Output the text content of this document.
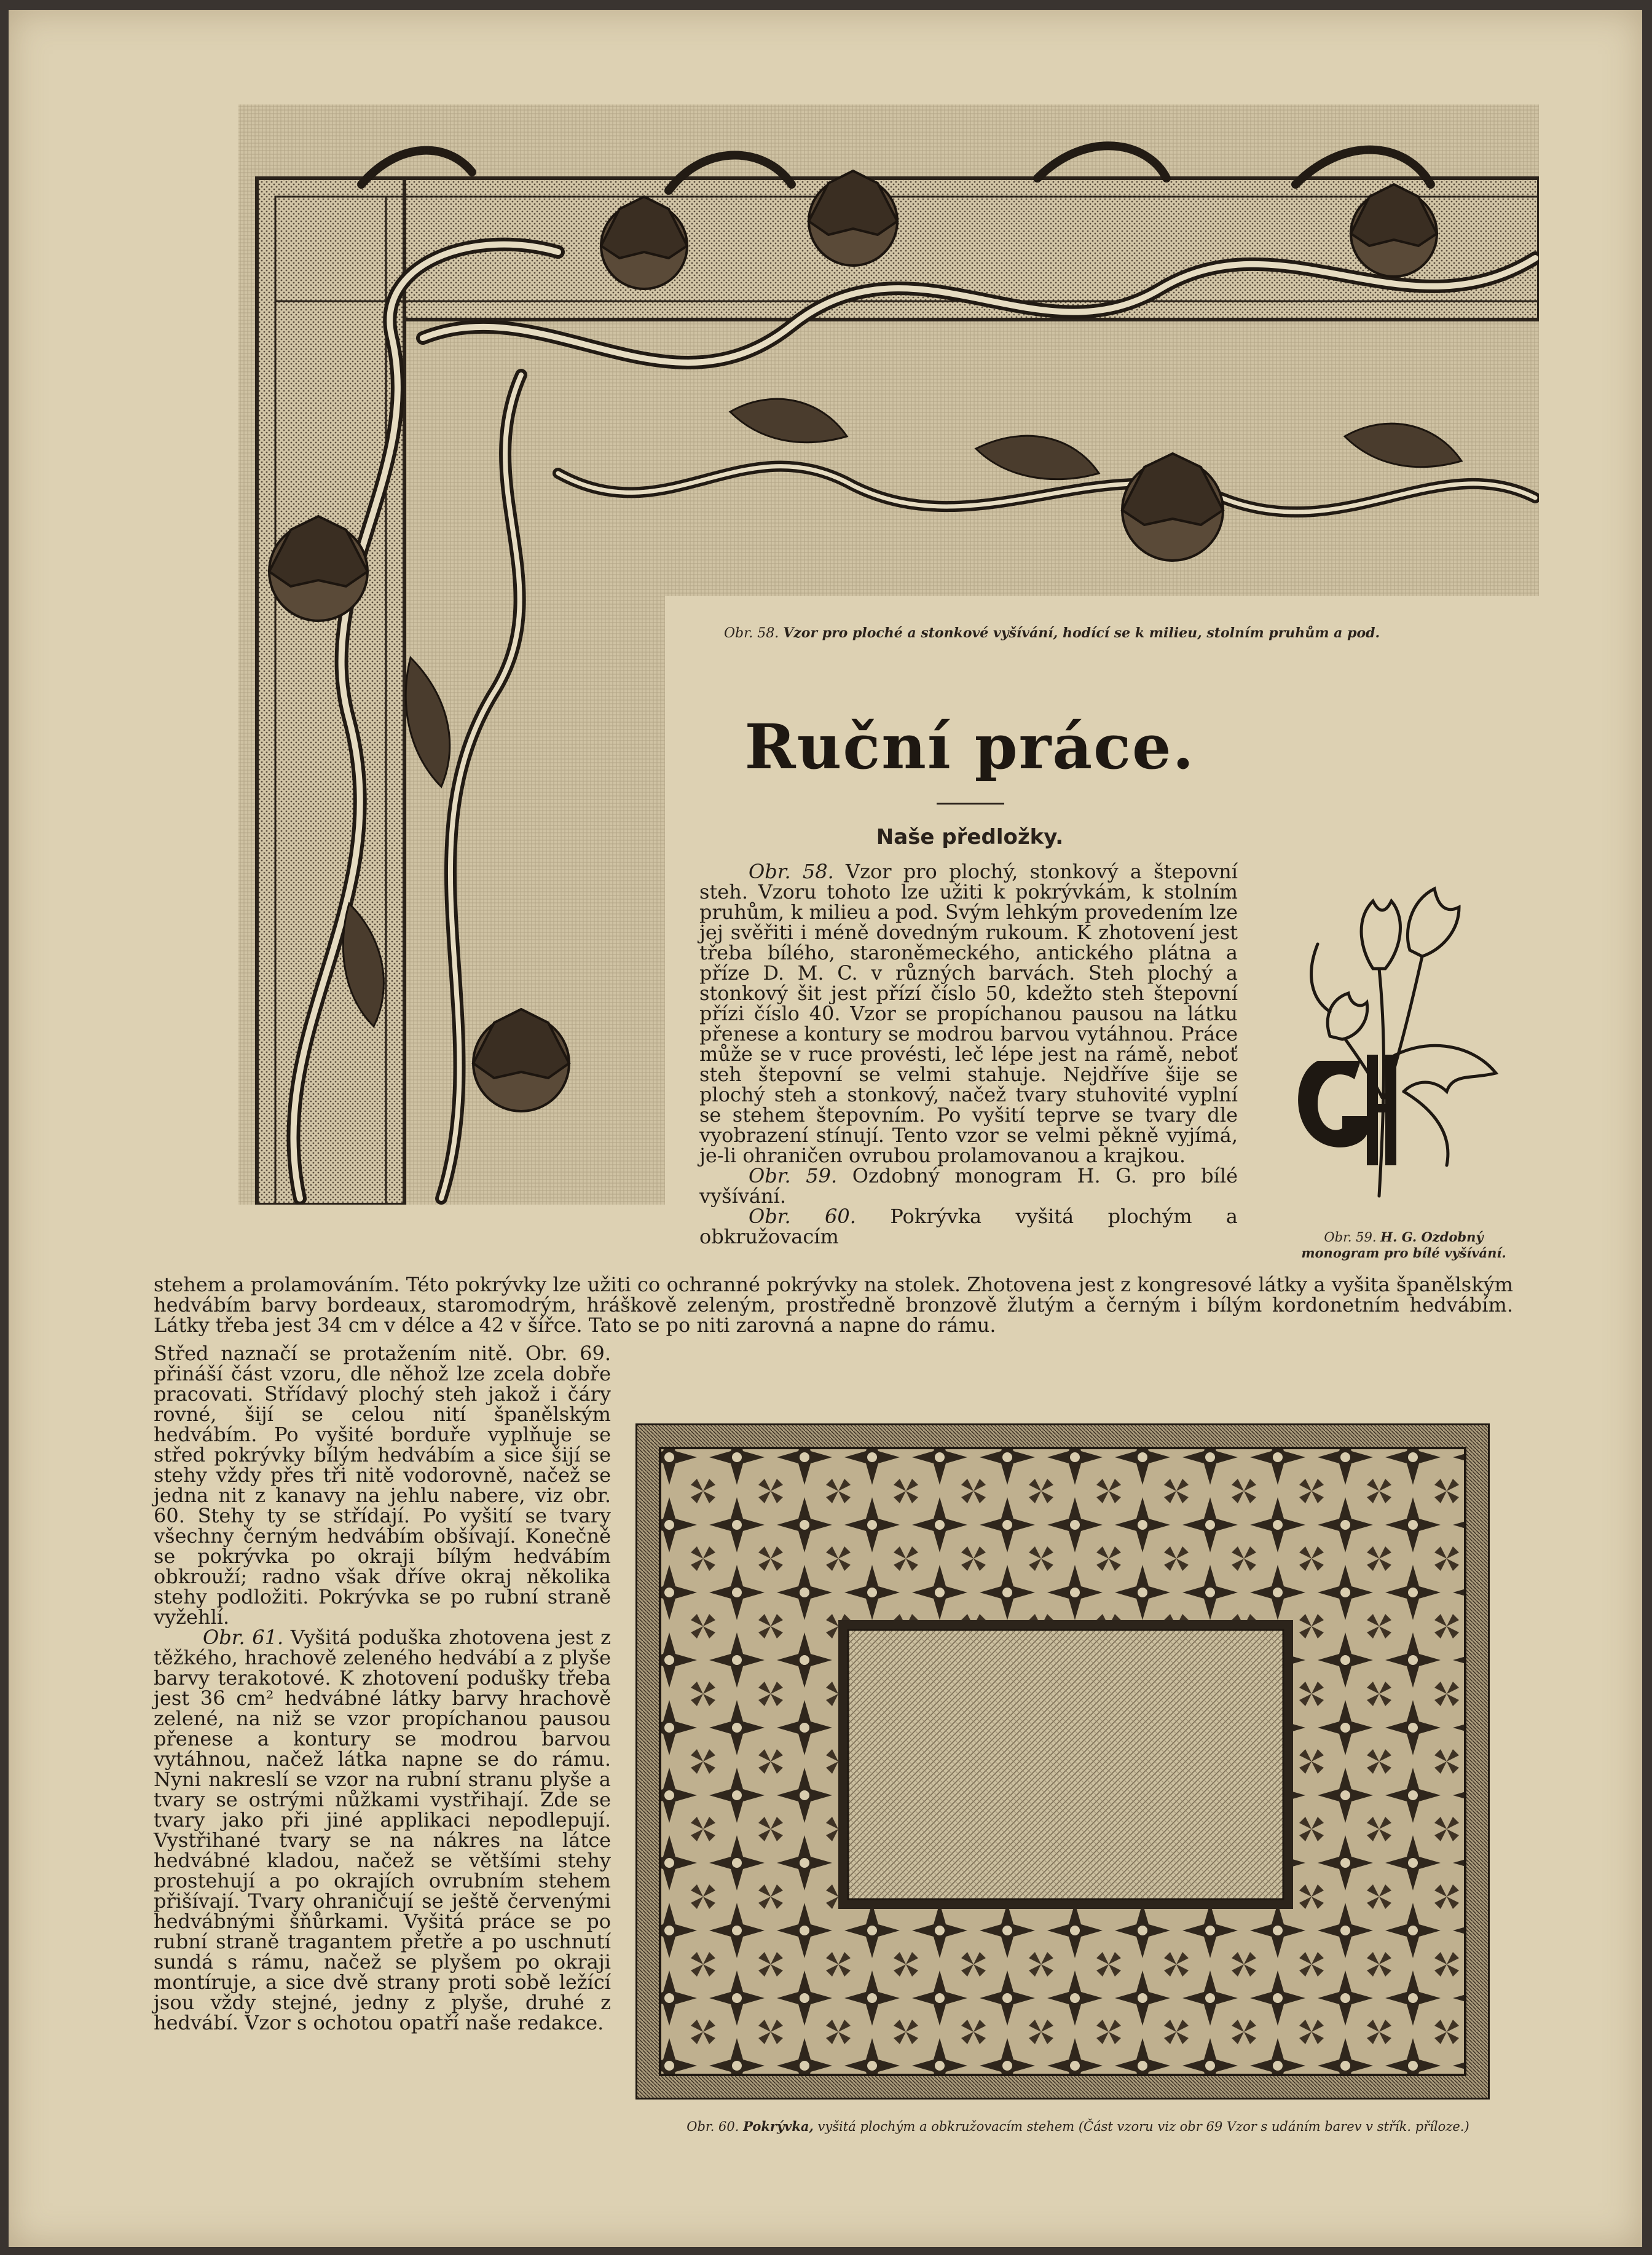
Obr. 58. Vzor pro ploché a stonkové vyšívání, hodící se k milieu, stolním pruhům a pod.
Ruční práce.
Naše předložky.

Obr. 58. Vzor pro plochý, stonkový a štepovní steh. Vzoru tohoto lze užiti k pokrývkám, k stolním pruhům, k milieu a pod. Svým lehkým provedením lze jej svěřiti i méně dovedným rukoum. K zhotovení jest třeba bílého, staroněmeckého, antického plátna a příze D. M. C. v různých barvách. Steh plochý a stonkový šit jest přízí číslo 50, kdežto steh štepovní přízi číslo 40. Vzor se propíchanou pausou na látku přenese a kontury se modrou barvou vytáhnou. Práce může se v ruce provésti, leč lépe jest na rámě, neboť steh štepovní se velmi stahuje. Nejdříve šije se plochý steh a stonkový, načež tvary stuhovité vyplní se stehem štepovním. Po vyšití teprve se tvary dle vyobrazení stínují. Tento vzor se velmi pěkně vyjímá, je-li ohraničen ovrubou prolamovanou a krajkou.

Obr. 59. Ozdobný monogram H. G. pro bílé vyšívání.

Obr. 60. Pokrývka vyšitá plochým a obkružovacím	Obr. 59. H. G. Ozdobný monogram pro bílé vyšívání.

stehem a prolamováním. Této pokrývky lze užiti co ochranné pokrývky na stolek. Zhotovena jest z kongresové látky a vyšita španělským hedvábím barvy bordeaux, staromodrým, hráškově zeleným, prostředně bronzově žlutým a černým i bílým kordonetním hedvábím. Látky třeba jest 34 cm v délce a 42 v šířce. Tato se po niti zarovná a napne do rámu.

Střed naznačí se protažením nitě. Obr. 69. přináší část vzoru, dle něhož lze zcela dobře pracovati. Střídavý plochý steh jakož i čáry rovné, šijí se celou nití španělským hedvábím. Po vyšité borduře vyplňuje se střed pokrývky bílým hedvábím a sice šijí se stehy vždy přes tři nitě vodorovně, načež se jedna nit z kanavy na jehlu nabere, viz obr. 60. Stehy ty se střídají. Po vyšití se tvary všechny černým hedvábím obšívají. Konečně se pokrývka po okraji bílým hedvábím obkrouží; radno však dříve okraj několika stehy podložiti. Pokrývka se po rubní straně vyžehlí.

Obr. 61. Vyšitá poduška zhotovena jest z těžkého, hrachově zeleného hedvábí a z plyše barvy terakotové. K zhotovení podušky třeba jest 36 cm² hedvábné látky barvy hrachově zelené, na niž se vzor propíchanou pausou přenese a kontury se modrou barvou vytáhnou, načež látka napne se do rámu. Nyni nakreslí se vzor na rubní stranu plyše a tvary se ostrými nůžkami vystřihají. Zde se tvary jako při jiné applikaci nepodlepují. Vystřihané tvary se na nákres na látce hedvábné kladou, načež se většími stehy prostehují a po okrajích ovrubním stehem přišívají. Tvary ohraničují se ještě červenými hedvábnými šňůrkami. Vyšitá práce se po rubní straně tragantem přetře a po uschnutí sundá s rámu, načež se plyšem po okraji montíruje, a sice dvě strany proti sobě ležící jsou vždy stejné, jedny z plyše, druhé z hedvábí. Vzor s ochotou opatří naše redakce.

Obr. 60. Pokrývka, vyšitá plochým a obkružovacím stehem (Část vzoru viz obr 69 Vzor s udáním barev v střík. příloze.)
